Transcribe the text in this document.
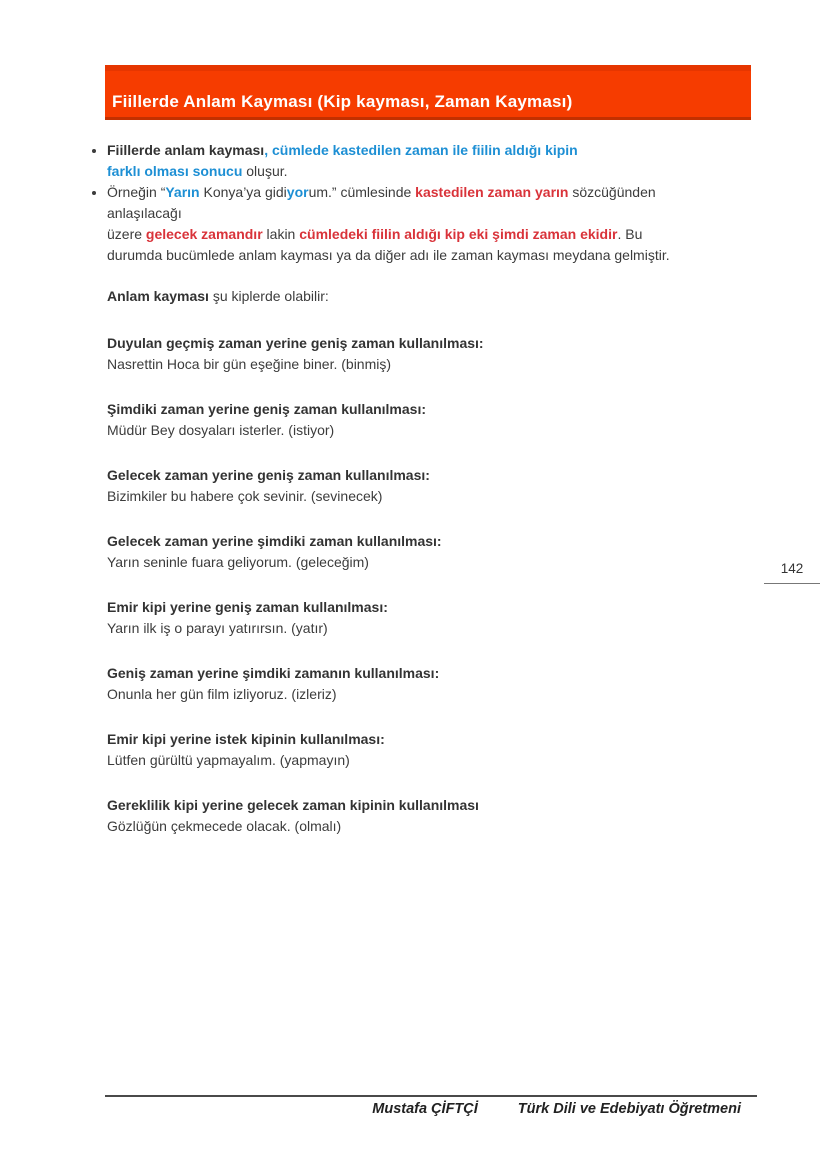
Fiillerde Anlam Kayması (Kip kayması, Zaman Kayması)
• Fiillerde anlam kayması, cümlede kastedilen zaman ile fiilin aldığı kipin
farklı olması sonucu oluşur.
• Örneğin “Yarın Konya’ya gidiyorum.” cümlesinde kastedilen zaman yarın sözcüğünden
anlaşılacağı
üzere gelecek zamandır lakin cümledeki fiilin aldığı kip eki şimdi zaman ekidir. Bu
durumda bucümlede anlam kayması ya da diğer adı ile zaman kayması meydana gelmiştir.

Anlam kayması şu kiplerde olabilir:

Duyulan geçmiş zaman yerine geniş zaman kullanılması:
Nasrettin Hoca bir gün eşeğine biner. (binmiş)
Şimdiki zaman yerine geniş zaman kullanılması:
Müdür Bey dosyaları isterler. (istiyor)
Gelecek zaman yerine geniş zaman kullanılması:
Bizimkiler bu habere çok sevinir. (sevinecek)
Gelecek zaman yerine şimdiki zaman kullanılması:
Yarın seninle fuara geliyorum. (geleceğim)
Emir kipi yerine geniş zaman kullanılması:
Yarın ilk iş o parayı yatırırsın. (yatır)
Geniş zaman yerine şimdiki zamanın kullanılması:
Onunla her gün film izliyoruz. (izleriz)
Emir kipi yerine istek kipinin kullanılması:
Lütfen gürültü yapmayalım. (yapmayın)
Gereklilik kipi yerine gelecek zaman kipinin kullanılması
Gözlüğün çekmecede olacak. (olmalı)
142
Mustafa ÇİFTÇİ	Türk Dili ve Edebiyatı Öğretmeni
